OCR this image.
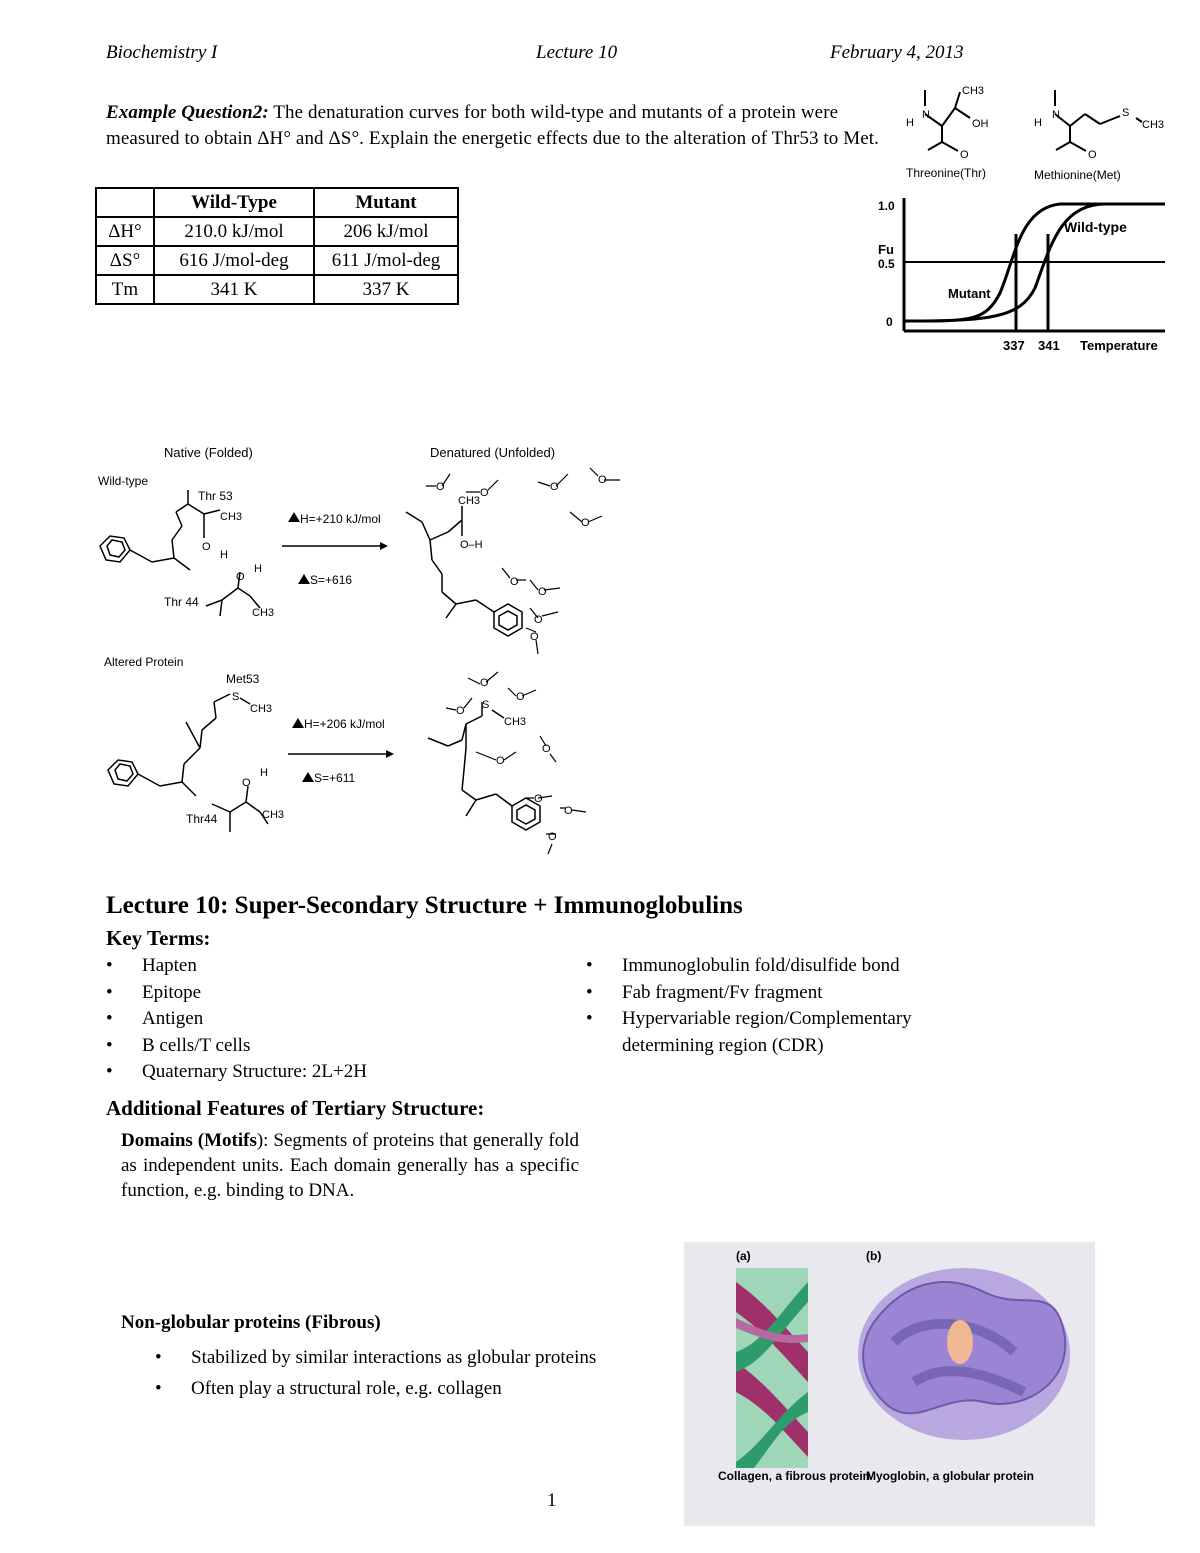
Biochemistry I	Lecture 10	February 4, 2013
Example Question2: The denaturation curves for both wild-type and mutants of a protein were measured to obtain ΔH° and ΔS°. Explain the energetic effects due to the alteration of Thr53 to Met.
	Wild-Type	Mutant
ΔH°	210.0 kJ/mol	206 kJ/mol
ΔS°	616 J/mol-deg	611 J/mol-deg
Tm	341 K	337 K
N
H
CH3
OH
O
Threonine(Thr)
N
H
S
CH3
O
Methionine(Met)
Fu
1.0
0.5
0
337 341 Temperature
Wild-type
Mutant
Native (Folded)	Denatured (Unfolded)
Wild-type
Thr 53
CH3
O
H
Thr 44
O
H
CH3
H=+210 kJ/mol
S=+616
CH3
O–H
O	O	O
O
O
O
O
O
O
Altered Protein
Met53
S
CH3
O
H
CH3
Thr44
H=+206 kJ/mol
S=+611
S
CH3
O
O
O
O
O
O
O
O
Lecture 10: Super-Secondary Structure + Immunoglobulins
Key Terms:
• Hapten
• Epitope
• Antigen
• B cells/T cells
• Quaternary Structure: 2L+2H
• Immunoglobulin fold/disulfide bond
• Fab fragment/Fv fragment
• Hypervariable region/Complementary determining region (CDR)
Additional Features of Tertiary Structure:
Domains (Motifs): Segments of proteins that generally fold as independent units. Each domain generally has a specific function, e.g. binding to DNA.
Non-globular proteins (Fibrous)
• Stabilized by similar interactions as globular proteins
• Often play a structural role, e.g. collagen
(a)	(b)
Collagen, a fibrous protein
Myoglobin, a globular protein
1
